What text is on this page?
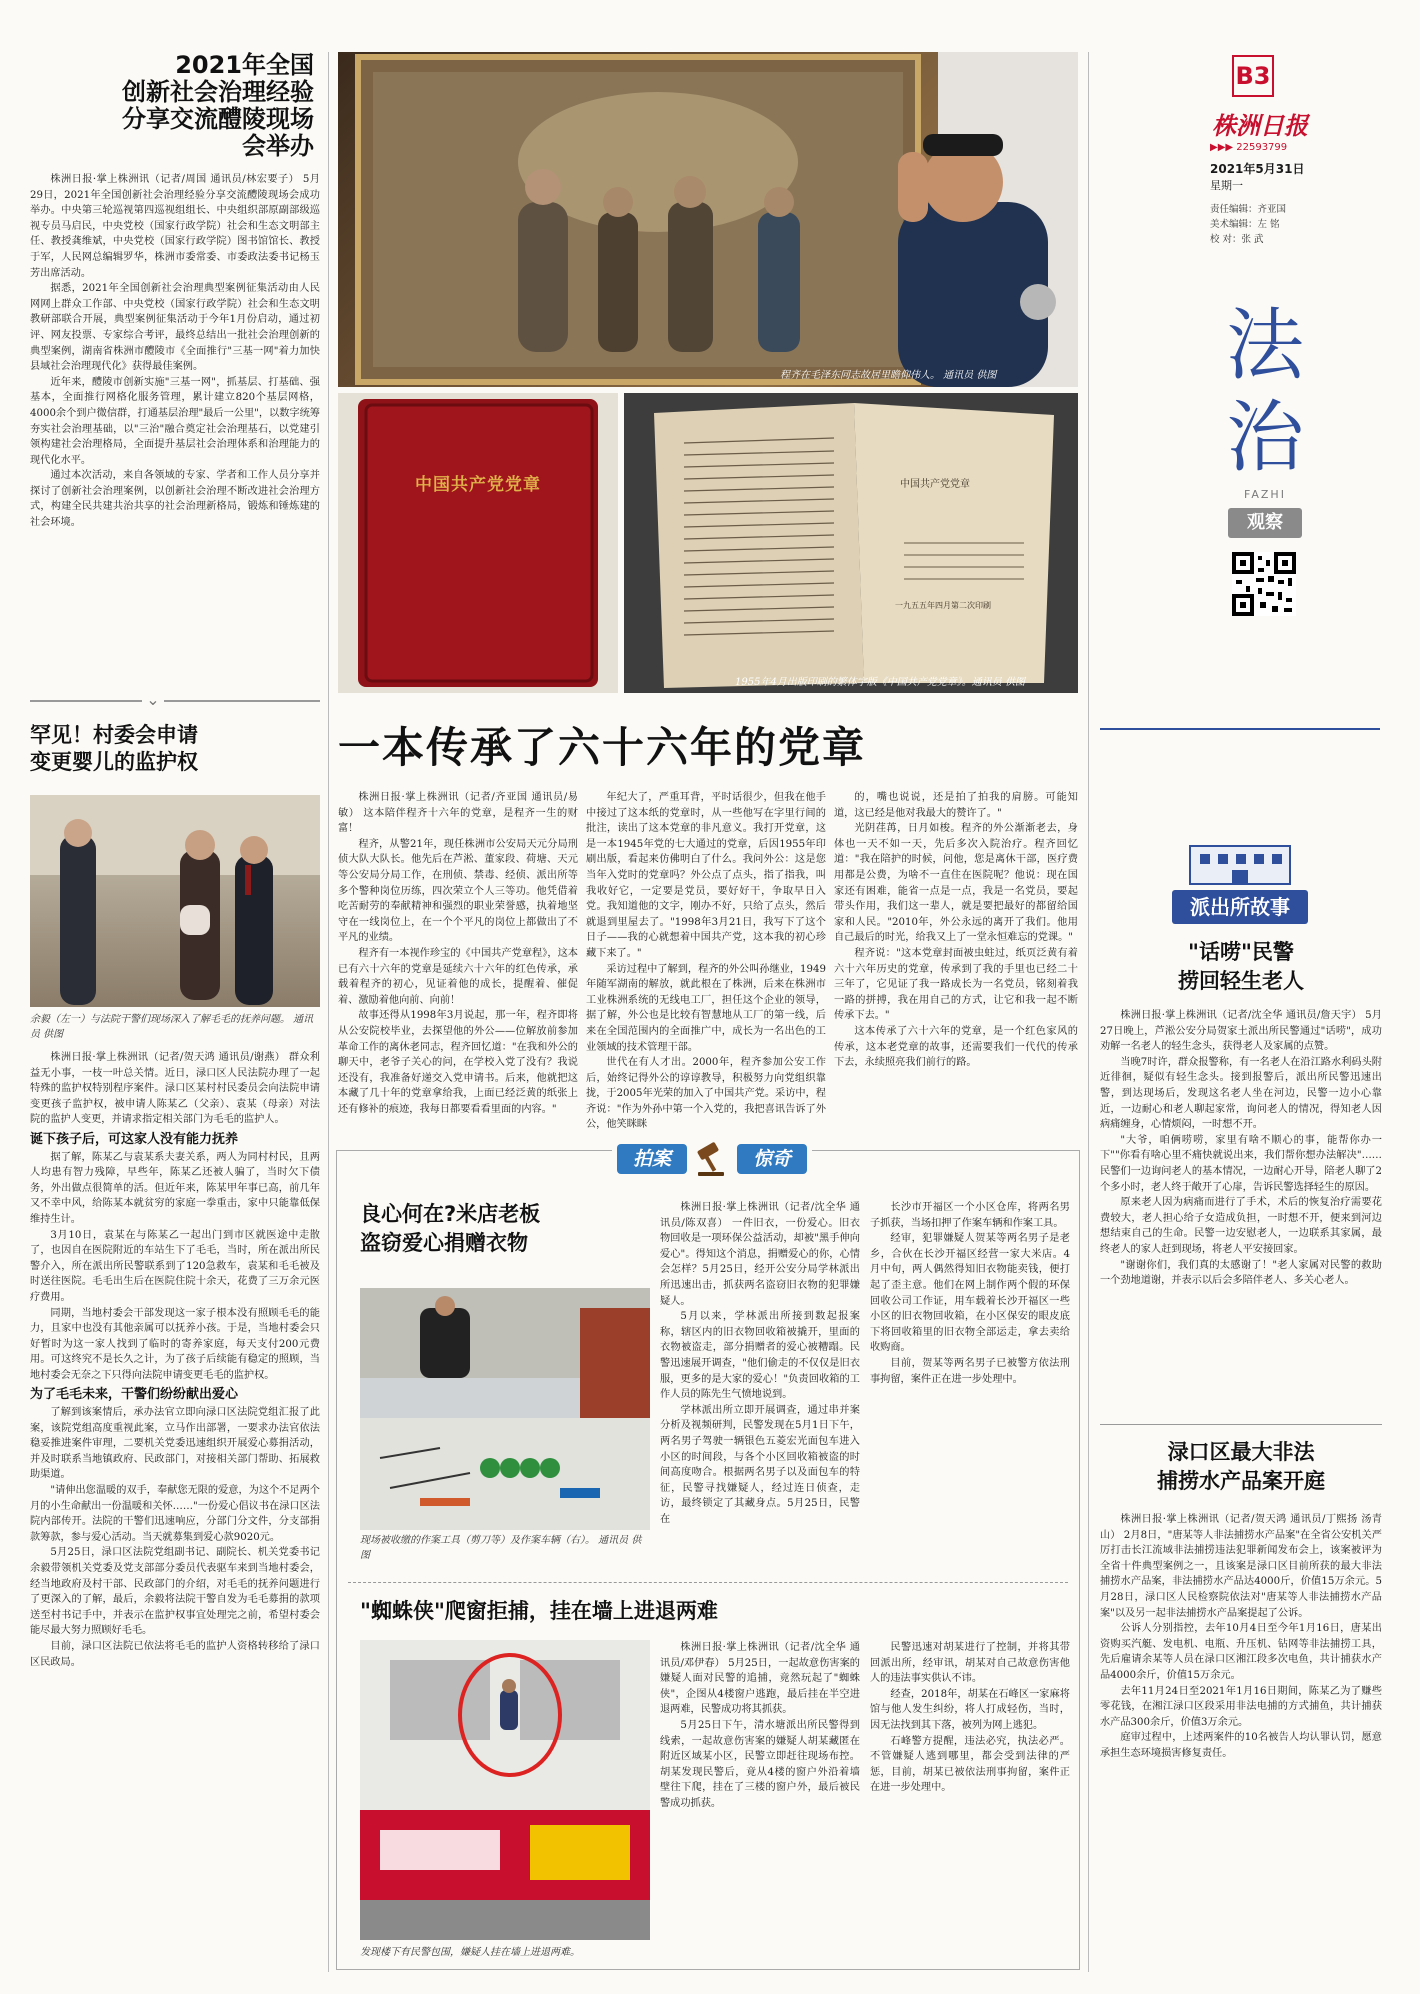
2021年全国
创新社会治理经验
分享交流醴陵现场
会举办

株洲日报·掌上株洲讯（记者/周国 通讯员/林宏要子） 5月29日，2021年全国创新社会治理经验分享交流醴陵现场会成功举办。中央第三轮巡视第四巡视组组长、中央组织部原副部级巡视专员马启民，中央党校（国家行政学院）社会和生态文明部主任、教授龚维斌，中央党校（国家行政学院）图书馆馆长、教授于军，人民网总编辑罗华，株洲市委常委、市委政法委书记杨玉芳出席活动。

据悉，2021年全国创新社会治理典型案例征集活动由人民网网上群众工作部、中央党校（国家行政学院）社会和生态文明教研部联合开展，典型案例征集活动于今年1月份启动，通过初评、网友投票、专家综合考评，最终总结出一批社会治理创新的典型案例，湖南省株洲市醴陵市《全面推行"三基一网"着力加快县域社会治理现代化》获得最佳案例。

近年来，醴陵市创新实施"三基一网"，抓基层、打基础、强基本，全面推行网格化服务管理，累计建立820个基层网格，4000余个到户微信群，打通基层治理"最后一公里"，以数字统筹夯实社会治理基础，以"三治"融合奠定社会治理基石，以党建引领构建社会治理格局，全面提升基层社会治理体系和治理能力的现代化水平。

通过本次活动，来自各领域的专家、学者和工作人员分享并探讨了创新社会治理案例，以创新社会治理不断改进社会治理方式，构建全民共建共治共享的社会治理新格局，锻炼和锤炼建的社会环境。

⌄
罕见！村委会申请
变更婴儿的监护权
余毅（左一）与法院干警们现场深入了解毛毛的抚养问题。 通讯员 供图

株洲日报·掌上株洲讯（记者/贺天鸿 通讯员/谢燕） 群众利益无小事，一枝一叶总关情。近日，渌口区人民法院办理了一起特殊的监护权特别程序案件。渌口区某村村民委员会向法院申请变更孩子监护权，被申请人陈某乙（父亲）、袁某（母亲）对法院的监护人变更，并请求指定相关部门为毛毛的监护人。

诞下孩子后，可这家人没有能力抚养

据了解，陈某乙与袁某系夫妻关系，两人为同村村民，且两人均患有智力残障，早些年，陈某乙还被人骗了，当时欠下债务，外出做点很简单的活。但近年来，陈某甲年事已高，前几年又不幸中风，给陈某本就贫穷的家庭一拳重击，家中只能靠低保维持生计。

3月10日，袁某在与陈某乙一起出门到市区就医途中走散了，也因自在医院附近的车站生下了毛毛，当时，所在派出所民警介入，所在派出所民警联系到了120急救车，袁某和毛毛被及时送往医院。毛毛出生后在医院住院十余天，花费了三万余元医疗费用。

同期，当地村委会干部发现这一家子根本没有照顾毛毛的能力，且家中也没有其他亲属可以抚养小孩。于是，当地村委会只好暂时为这一家人找到了临时的寄养家庭，每天支付200元费用。可这终究不是长久之计，为了孩子后续能有稳定的照顾，当地村委会无奈之下只得向法院申请变更毛毛的监护权。

为了毛毛未来，干警们纷纷献出爱心

了解到该案情后，承办法官立即向渌口区法院党组汇报了此案，该院党组高度重视此案，立马作出部署，一要求办法官依法稳妥推进案件审理，二要机关党委迅速组织开展爱心募捐活动，并及时联系当地镇政府、民政部门，对接相关部门帮助、拓展救助渠道。

"请伸出您温暖的双手，奉献您无限的爱意，为这个不足两个月的小生命献出一份温暖和关怀……"一份爱心倡议书在渌口区法院内部传开。法院的干警们迅速响应，分部门分文件，分支部捐款筹款，参与爱心活动。当天就募集到爱心款9020元。

5月25日，渌口区法院党组副书记、副院长、机关党委书记余毅带领机关党委及党支部部分委员代表驱车来到当地村委会，经当地政府及村干部、民政部门的介绍，对毛毛的抚养问题进行了更深入的了解，最后，余毅将法院干警自发为毛毛募捐的款项送至村书记手中，并表示在监护权事宜处理完之前，希望村委会能尽最大努力照顾好毛毛。

目前，渌口区法院已依法将毛毛的监护人资格转移给了渌口区民政局。

程齐在毛泽东同志故居里瞻仰伟人。 通讯员 供图
中国共产党党章	中国共产党党章
一九五五年四月第二次印刷
1955年4月出版印刷的繁体字版《中国共产党党章》。通讯员 供图
一本传承了六十六年的党章

株洲日报·掌上株洲讯（记者/齐亚国 通讯员/易敏） 这本陪伴程齐十六年的党章，是程齐一生的财富！

程齐，从警21年，现任株洲市公安局天元分局刑侦大队大队长。他先后在芦淞、董家段、荷塘、天元等公安局分局工作，在刑侦、禁毒、经侦、派出所等多个警种岗位历练，四次荣立个人三等功。他凭借着吃苦耐劳的奉献精神和强烈的职业荣誉感，执着地坚守在一线岗位上，在一个个平凡的岗位上都做出了不平凡的业绩。

程齐有一本视作珍宝的《中国共产党章程》，这本已有六十六年的党章是延续六十六年的红色传承，承载着程齐的初心，见证着他的成长，提醒着、催促着、激励着他向前、向前！

故事还得从1998年3月说起，那一年，程齐即将从公安院校毕业，去探望他的外公——位解放前参加革命工作的离休老同志，程齐回忆道："在我和外公的聊天中，老爷子关心的问，在学校入党了没有？我说还没有，我准备好递交入党申请书。后来，他就把这本藏了几十年的党章拿给我，上面已经泛黄的纸张上还有修补的痕迹，我每日都要看看里面的内容。"

年纪大了，严重耳背，平时话很少，但我在他手中接过了这本纸的党章时，从一些他写在字里行间的批注，读出了这本党章的非凡意义。我打开党章，这是一本1945年党的七大通过的党章，后因1955年印刷出版，看起来仿佛明白了什么。我问外公：这是您当年入党时的党章吗？外公点了点头，指了指我，叫我收好它，一定要是党员，要好好干，争取早日入党。我知道他的文字，刚办不好，只给了点头，然后就退到里屋去了。"1998年3月21日，我写下了这个日子——我的心就想着中国共产党，这本我的初心珍藏下来了。"

采访过程中了解到，程齐的外公叫孙继业，1949年随军湖南的解放，就此根在了株洲，后来在株洲市工业株洲系统的无线电工厂，担任这个企业的领导，据了解，外公也是比较有智慧地从工厂的第一线，后来在全国范围内的全面推广中，成长为一名出色的工业领域的技术管理干部。

世代在有人才出。2000年，程齐参加公安工作后，始终记得外公的谆谆教导，积极努力向党组织靠拢，于2005年光荣的加入了中国共产党。采访中，程齐说："作为外孙中第一个入党的，我把喜讯告诉了外公，他笑眯眯

的，嘴也说说，还是拍了拍我的肩膀。可能知道，这已经是他对我最大的赞许了。"

光阴荏苒，日月如梭。程齐的外公渐渐老去，身体也一天不如一天，先后多次入院治疗。程齐回忆道："我在陪护的时候，问他，您是离休干部，医疗费用都是公费，为啥不一直住在医院呢？他说：现在国家还有困难，能省一点是一点，我是一名党员，要起带头作用，我们这一辈人，就是要把最好的都留给国家和人民。"2010年，外公永远的离开了我们。他用自己最后的时光，给我又上了一堂永恒难忘的党课。"

程齐说："这本党章封面被虫蛀过，纸页泛黄有着六十六年历史的党章，传承到了我的手里也已经二十三年了，它见证了我一路成长为一名党员，铭刻着我一路的拼搏，我在用自己的方式，让它和我一起不断传承下去。"

这本传承了六十六年的党章，是一个红色家风的传承，这本老党章的故事，还需要我们一代代的传承下去，永续照亮我们前行的路。

拍案	惊奇
良心何在?米店老板
盗窃爱心捐赠衣物
现场被收缴的作案工具（剪刀等）及作案车辆（右）。 通讯员 供图

株洲日报·掌上株洲讯（记者/沈全华 通讯员/陈双喜） 一件旧衣，一份爱心。旧衣物回收是一项环保公益活动，却被"黑手伸向爱心"。得知这个消息，捐赠爱心的你，心情会怎样？5月25日，经开公安分局学林派出所迅速出击，抓获两名盗窃旧衣物的犯罪嫌疑人。

5月以来，学林派出所接到数起报案称，辖区内的旧衣物回收箱被撬开，里面的衣物被盗走，部分捐赠者的爱心被糟蹋。民警迅速展开调查，"他们偷走的不仅仅是旧衣服，更多的是大家的爱心！"负责回收箱的工作人员的陈先生气愤地说到。

学林派出所立即开展调查，通过串并案分析及视频研判，民警发现在5月1日下午，两名男子驾驶一辆银色五菱宏光面包车进入小区的时间段，与各个小区回收箱被盗的时间高度吻合。根据两名男子以及面包车的特征，民警寻找嫌疑人，经过连日侦查，走访，最终锁定了其藏身点。5月25日，民警在

长沙市开福区一个小区仓库，将两名男子抓获，当场扣押了作案车辆和作案工具。

经审，犯罪嫌疑人贺某等两名男子是老乡，合伙在长沙开福区经营一家大米店。4月中旬，两人偶然得知旧衣物能卖钱，便打起了歪主意。他们在网上制作两个假的环保回收公司工作证，用车载着长沙开福区一些小区的旧衣物回收箱，在小区保安的眼皮底下将回收箱里的旧衣物全部运走，拿去卖给收购商。

目前，贺某等两名男子已被警方依法刑事拘留，案件正在进一步处理中。

"蜘蛛侠"爬窗拒捕，挂在墙上进退两难
发现楼下有民警包围，嫌疑人挂在墙上进退两难。

株洲日报·掌上株洲讯（记者/沈全华 通讯员/邓伊春） 5月25日，一起故意伤害案的嫌疑人面对民警的追捕，竟然玩起了"蜘蛛侠"，企图从4楼窗户逃跑，最后挂在半空进退两难，民警成功将其抓获。

5月25日下午，清水塘派出所民警得到线索，一起故意伤害案的嫌疑人胡某藏匿在附近区域某小区，民警立即赶往现场布控。胡某发现民警后，竟从4楼的窗户外沿着墙壁往下爬，挂在了三楼的窗户外，最后被民警成功抓获。

民警迅速对胡某进行了控制，并将其带回派出所，经审讯，胡某对自己故意伤害他人的违法事实供认不讳。

经查，2018年，胡某在石峰区一家麻将馆与他人发生纠纷，将人打成轻伤，当时，因无法找到其下落，被列为网上逃犯。

石峰警方提醒，违法必究，执法必严。不管嫌疑人逃到哪里，都会受到法律的严惩，目前，胡某已被依法刑事拘留，案件正在进一步处理中。

B3
株洲日报
▶▶▶ 22593799
2021年5月31日
星期一
责任编辑：齐亚国
美术编辑：左 铭
校 对：张 武
法
治
FAZHI
观察
派出所故事
"话唠"民警
捞回轻生老人

株洲日报·掌上株洲讯（记者/沈全华 通讯员/詹天宇） 5月27日晚上，芦淞公安分局贺家土派出所民警通过"话唠"，成功劝解一名老人的轻生念头，获得老人及家属的点赞。

当晚7时许，群众报警称，有一名老人在沿江路水利码头附近徘徊，疑似有轻生念头。接到报警后，派出所民警迅速出警，到达现场后，发现这名老人坐在河边，民警一边小心靠近，一边耐心和老人聊起家常，询问老人的情况，得知老人因病痛缠身，心情烦闷，一时想不开。

"大爷，咱俩唠唠，家里有啥不顺心的事，能帮你办一下""你看有啥心里不痛快就说出来，我们帮你想办法解决"……民警们一边询问老人的基本情况，一边耐心开导，陪老人聊了2个多小时，老人终于敞开了心扉，告诉民警选择轻生的原因。

原来老人因为病痛而进行了手术，术后的恢复治疗需要花费较大，老人担心给子女造成负担，一时想不开，便来到河边想结束自己的生命。民警一边安慰老人，一边联系其家属，最终老人的家人赶到现场，将老人平安接回家。

"谢谢你们，我们真的太感谢了！"老人家属对民警的救助一个劲地道谢，并表示以后会多陪伴老人、多关心老人。

渌口区最大非法
捕捞水产品案开庭

株洲日报·掌上株洲讯（记者/贺天鸿 通讯员/丁熙扬 汤青山） 2月8日，"唐某等人非法捕捞水产品案"在全省公安机关严厉打击长江流域非法捕捞违法犯罪新闻发布会上，该案被评为全省十件典型案例之一，且该案是渌口区目前所获的最大非法捕捞水产品案，非法捕捞水产品达4000斤，价值15万余元。5月28日，渌口区人民检察院依法对"唐某等人非法捕捞水产品案"以及另一起非法捕捞水产品案提起了公诉。

公诉人分别指控，去年10月4日至今年1月16日，唐某出资购买汽艇、发电机、电瓶、升压机、钻网等非法捕捞工具，先后雇请余某等人员在渌口区湘江段多次电鱼，共计捕获水产品4000余斤，价值15万余元。

去年11月24日至2021年1月16日期间，陈某乙为了赚些零花钱，在湘江渌口区段采用非法电捕的方式捕鱼，共计捕获水产品300余斤，价值3万余元。

庭审过程中，上述两案件的10名被告人均认罪认罚，愿意承担生态环境损害修复责任。
